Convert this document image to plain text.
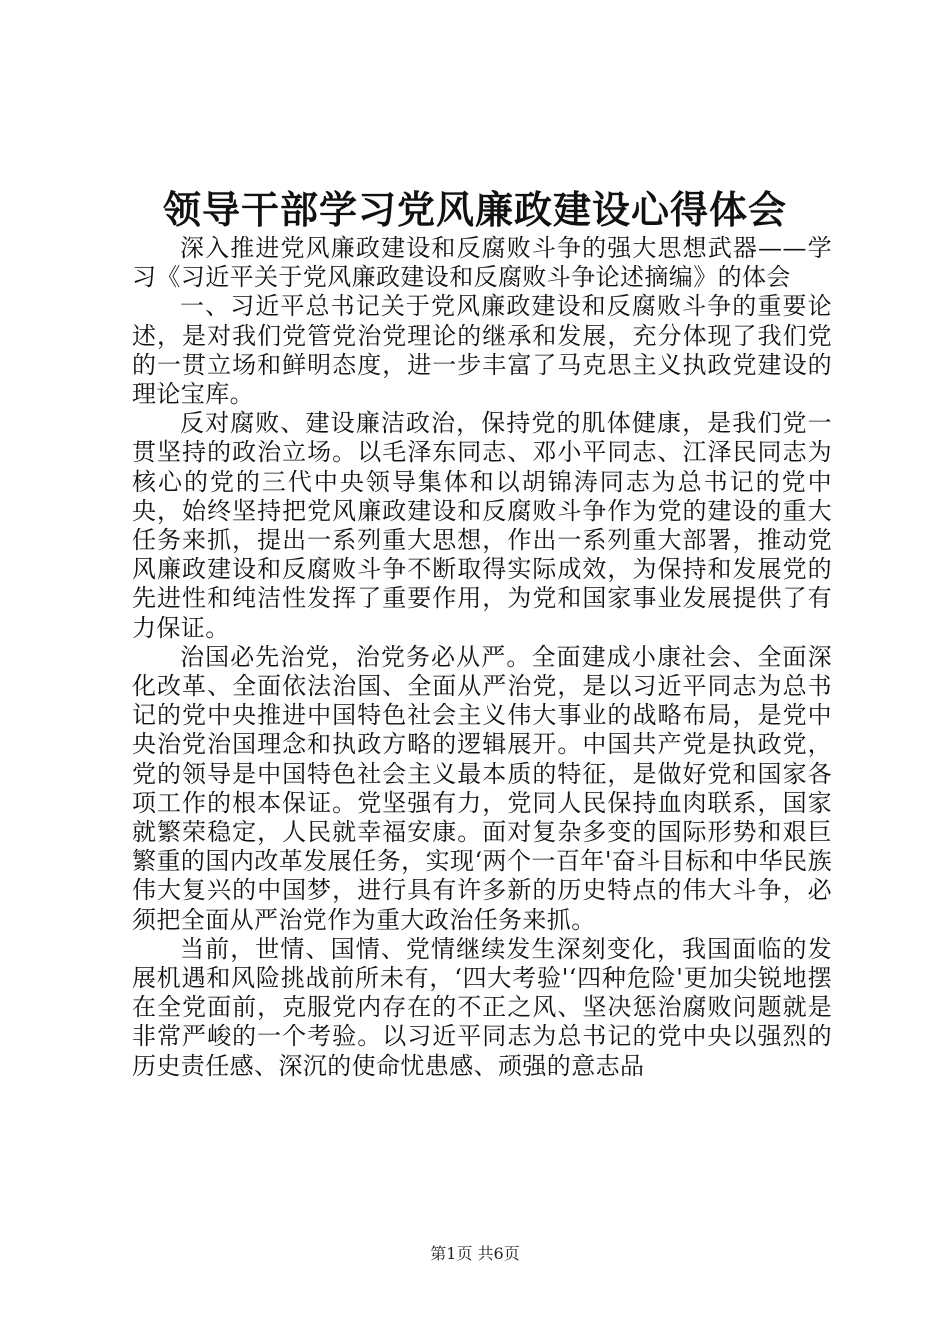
领导干部学习党风廉政建设心得体会

深入推进党风廉政建设和反腐败斗争的强大思想武器——学习《习近平关于党风廉政建设和反腐败斗争论述摘编》的体会

一、习近平总书记关于党风廉政建设和反腐败斗争的重要论述，是对我们党管党治党理论的继承和发展，充分体现了我们党的一贯立场和鲜明态度，进一步丰富了马克思主义执政党建设的理论宝库。

反对腐败、建设廉洁政治，保持党的肌体健康，是我们党一贯坚持的政治立场。以毛泽东同志、邓小平同志、江泽民同志为核心的党的三代中央领导集体和以胡锦涛同志为总书记的党中央，始终坚持把党风廉政建设和反腐败斗争作为党的建设的重大任务来抓，提出一系列重大思想，作出一系列重大部署，推动党风廉政建设和反腐败斗争不断取得实际成效，为保持和发展党的先进性和纯洁性发挥了重要作用，为党和国家事业发展提供了有力保证。

治国必先治党，治党务必从严。全面建成小康社会、全面深化改革、全面依法治国、全面从严治党，是以习近平同志为总书记的党中央推进中国特色社会主义伟大事业的战略布局，是党中央治党治国理念和执政方略的逻辑展开。中国共产党是执政党，党的领导是中国特色社会主义最本质的特征，是做好党和国家各项工作的根本保证。党坚强有力，党同人民保持血肉联系，国家就繁荣稳定，人民就幸福安康。面对复杂多变的国际形势和艰巨繁重的国内改革发展任务，实现‘两个一百年'奋斗目标和中华民族伟大复兴的中国梦，进行具有许多新的历史特点的伟大斗争，必须把全面从严治党作为重大政治任务来抓。

当前，世情、国情、党情继续发生深刻变化，我国面临的发展机遇和风险挑战前所未有，‘四大考验'‘四种危险'更加尖锐地摆在全党面前，克服党内存在的不正之风、坚决惩治腐败问题就是非常严峻的一个考验。以习近平同志为总书记的党中央以强烈的历史责任感、深沉的使命忧患感、顽强的意志品

第1页 共6页
